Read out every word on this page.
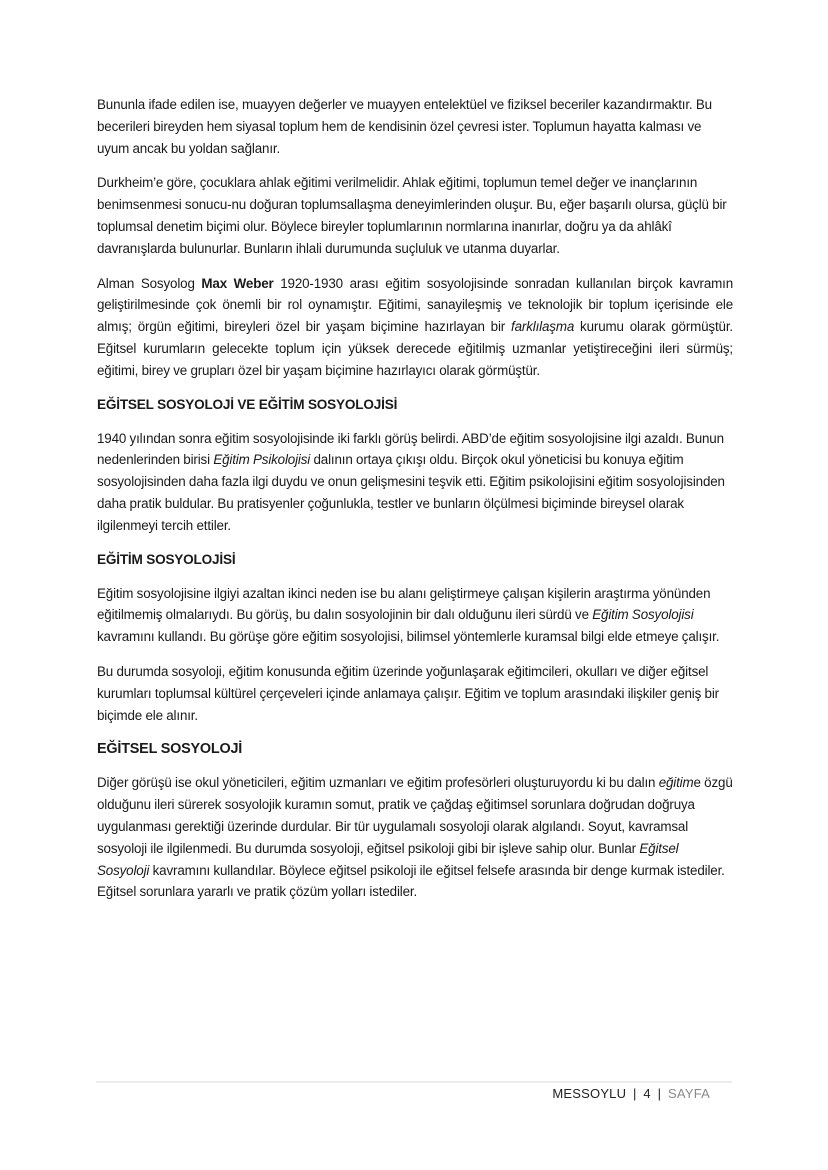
Bununla ifade edilen ise, muayyen değerler ve muayyen entelektüel ve fiziksel beceriler kazandırmaktır. Bu becerileri bireyden hem siyasal toplum hem de kendisinin özel çevresi ister. Toplumun hayatta kalması ve uyum ancak bu yoldan sağlanır.

Durkheim’e göre, çocuklara ahlak eğitimi verilmelidir. Ahlak eğitimi, toplumun temel değer ve inançlarının benimsenmesi sonucu-nu doğuran toplumsallaşma deneyimlerinden oluşur. Bu, eğer başarılı olursa, güçlü bir toplumsal denetim biçimi olur. Böylece bireyler toplumlarının normlarına inanırlar, doğru ya da ahlâkî davranışlarda bulunurlar. Bunların ihlali durumunda suçluluk ve utanma duyarlar.

Alman Sosyolog Max Weber 1920-1930 arası eğitim sosyolojisinde sonradan kullanılan birçok kavramın geliştirilmesinde çok önemli bir rol oynamıştır. Eğitimi, sanayileşmiş ve teknolojik bir toplum içerisinde ele almış; örgün eğitimi, bireyleri özel bir yaşam biçimine hazırlayan bir farklılaşma kurumu olarak görmüştür. Eğitsel kurumların gelecekte toplum için yüksek derecede eğitilmiş uzmanlar yetiştireceğini ileri sürmüş; eğitimi, birey ve grupları özel bir yaşam biçimine hazırlayıcı olarak görmüştür.

EĞİTSEL SOSYOLOJİ VE EĞİTİM SOSYOLOJİSİ

1940 yılından sonra eğitim sosyolojisinde iki farklı görüş belirdi. ABD’de eğitim sosyolojisine ilgi azaldı. Bunun nedenlerinden birisi Eğitim Psikolojisi dalının ortaya çıkışı oldu. Birçok okul yöneticisi bu konuya eğitim sosyolojisinden daha fazla ilgi duydu ve onun gelişmesini teşvik etti. Eğitim psikolojisini eğitim sosyolojisinden daha pratik buldular. Bu pratisyenler çoğunlukla, testler ve bunların ölçülmesi biçiminde bireysel olarak ilgilenmeyi tercih ettiler.

EĞİTİM SOSYOLOJİSİ

Eğitim sosyolojisine ilgiyi azaltan ikinci neden ise bu alanı geliştirmeye çalışan kişilerin araştırma yönünden eğitilmemiş olmalarıydı. Bu görüş, bu dalın sosyolojinin bir dalı olduğunu ileri sürdü ve Eğitim Sosyolojisi kavramını kullandı. Bu görüşe göre eğitim sosyolojisi, bilimsel yöntemlerle kuramsal bilgi elde etmeye çalışır.

Bu durumda sosyoloji, eğitim konusunda eğitim üzerinde yoğunlaşarak eğitimcileri, okulları ve diğer eğitsel kurumları toplumsal kültürel çerçeveleri içinde anlamaya çalışır. Eğitim ve toplum arasındaki ilişkiler geniş bir biçimde ele alınır.

EĞİTSEL SOSYOLOJİ

Diğer görüşü ise okul yöneticileri, eğitim uzmanları ve eğitim profesörleri oluşturuyordu ki bu dalın eğitime özgü olduğunu ileri sürerek sosyolojik kuramın somut, pratik ve çağdaş eğitimsel sorunlara doğrudan doğruya uygulanması gerektiği üzerinde durdular. Bir tür uygulamalı sosyoloji olarak algılandı. Soyut, kavramsal sosyoloji ile ilgilenmedi. Bu durumda sosyoloji, eğitsel psikoloji gibi bir işleve sahip olur. Bunlar Eğitsel Sosyoloji kavramını kullandılar. Böylece eğitsel psikoloji ile eğitsel felsefe arasında bir denge kurmak istediler. Eğitsel sorunlara yararlı ve pratik çözüm yolları istediler.

MESSOYLU | 4 | SAYFA
